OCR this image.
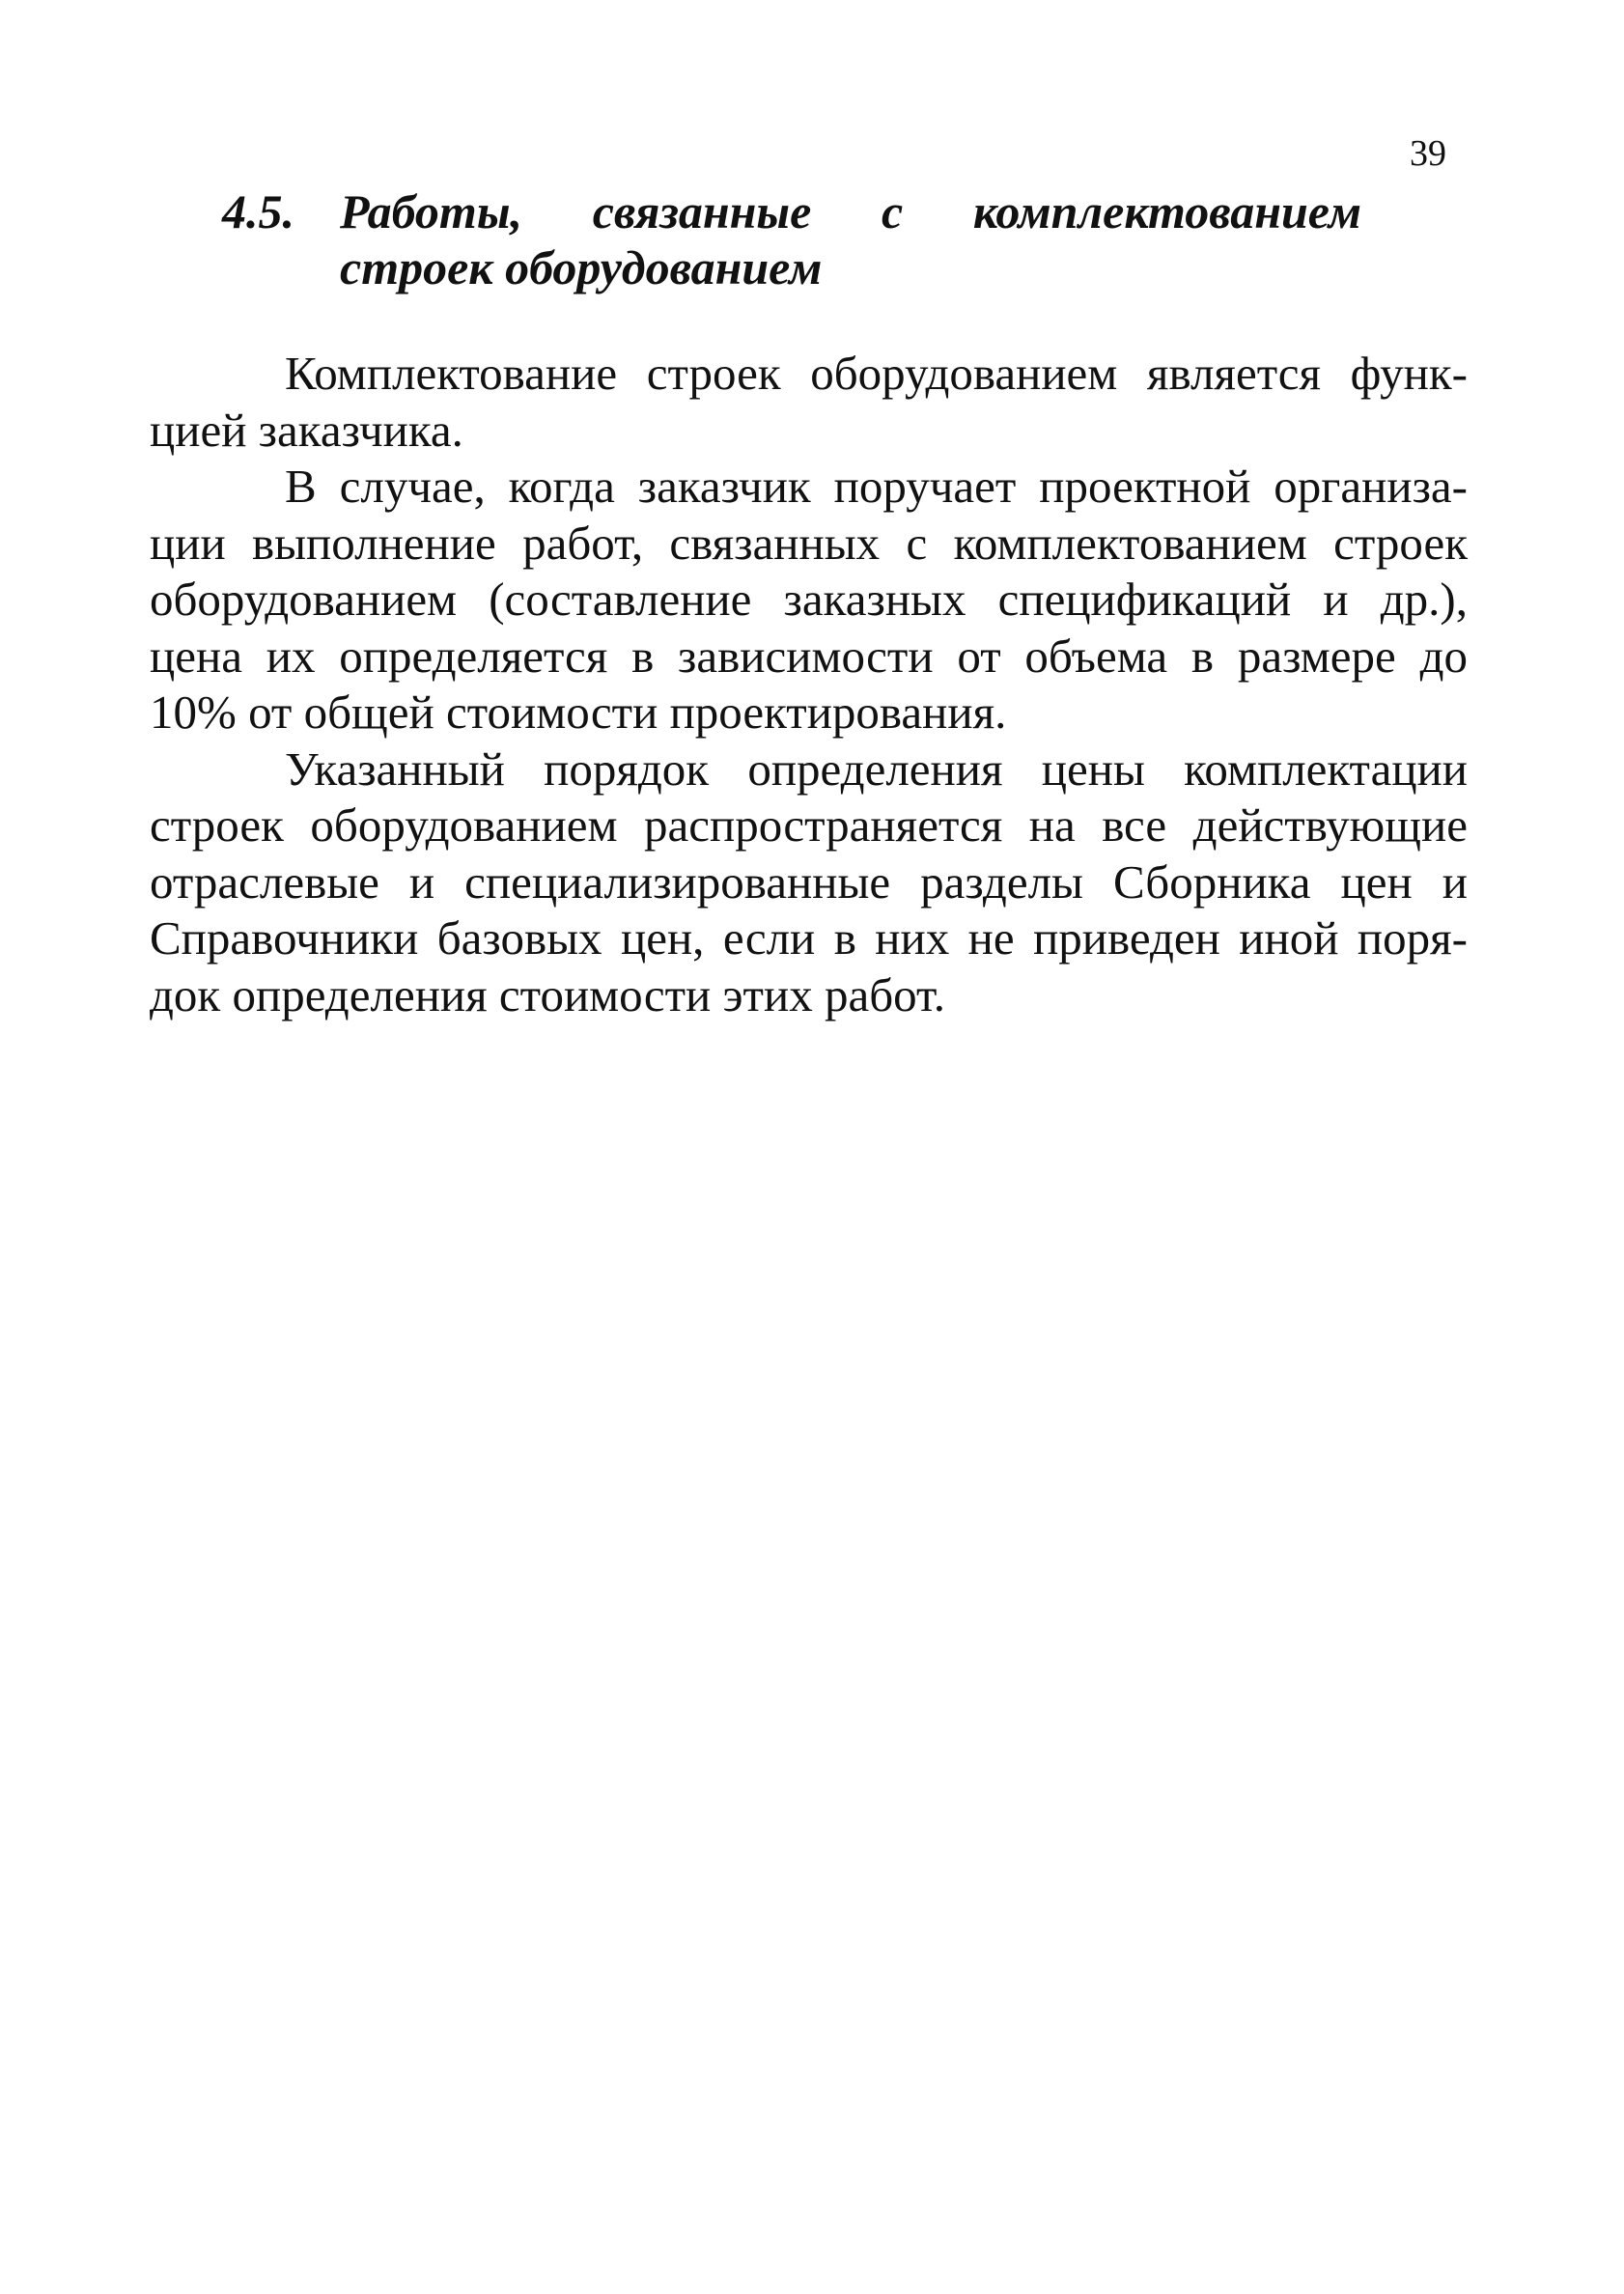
39
4.5. Работы, связанные с комплектованием
строек оборудованием

Комплектование строек оборудованием является функ-
цией заказчика.

В случае, когда заказчик поручает проектной организа-
ции выполнение работ, связанных с комплектованием строек
оборудованием (составление заказных спецификаций и др.),
цена их определяется в зависимости от объема в размере до
10% от общей стоимости проектирования.

Указанный порядок определения цены комплектации
строек оборудованием распространяется на все действующие
отраслевые и специализированные разделы Сборника цен и
Справочники базовых цен, если в них не приведен иной поря-
док определения стоимости этих работ.
